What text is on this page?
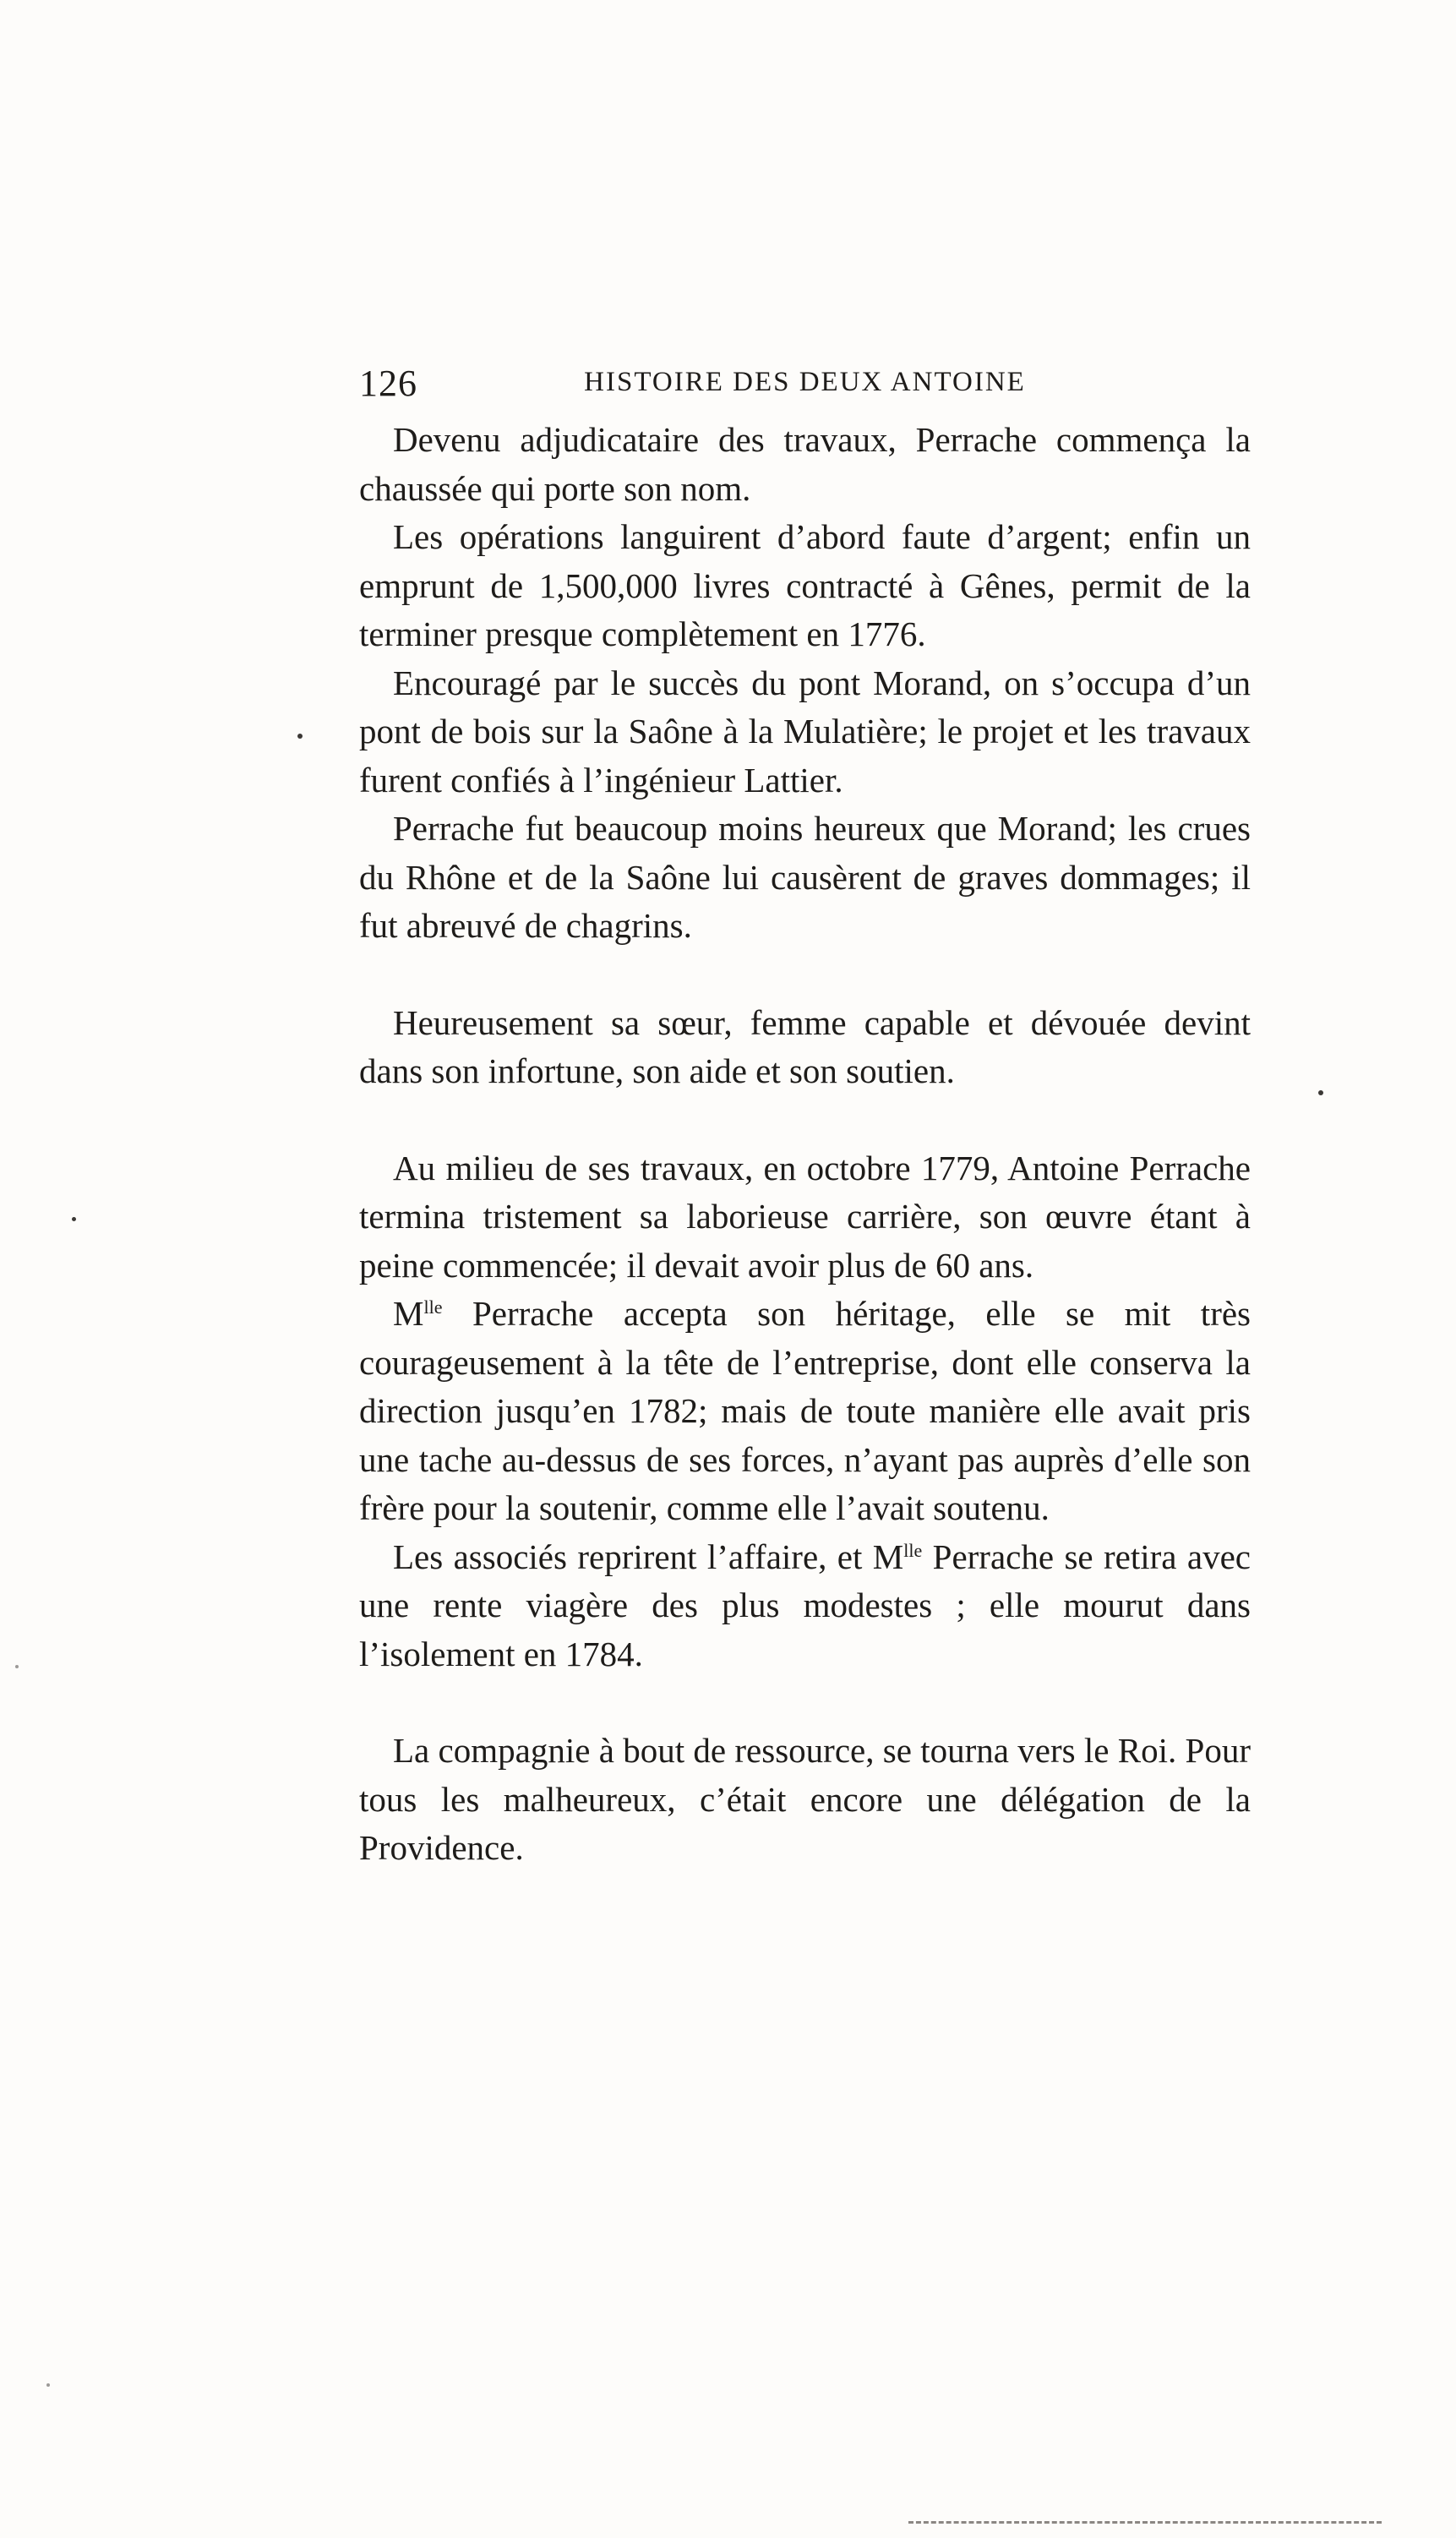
126	HISTOIRE DES DEUX ANTOINE

Devenu adjudicataire des travaux, Perrache commença la chaussée qui porte son nom.

Les opérations languirent d’abord faute d’argent; enfin un emprunt de 1,500,000 livres contracté à Gênes, permit de la terminer presque complètement en 1776.

Encouragé par le succès du pont Morand, on s’occupa d’un pont de bois sur la Saône à la Mulatière; le projet et les travaux furent confiés à l’ingénieur Lattier.

Perrache fut beaucoup moins heureux que Morand; les crues du Rhône et de la Saône lui causèrent de graves dommages; il fut abreuvé de chagrins.

Heureusement sa sœur, femme capable et dévouée devint dans son infortune, son aide et son soutien.

Au milieu de ses travaux, en octobre 1779, Antoine Perrache termina tristement sa laborieuse carrière, son œuvre étant à peine commencée; il devait avoir plus de 60 ans.

$M^{lle}$ Perrache accepta son héritage, elle se mit très courageusement à la tête de l’entreprise, dont elle conserva la direction jusqu’en 1782; mais de toute manière elle avait pris une tache au-dessus de ses forces, n’ayant pas auprès d’elle son frère pour la soutenir, comme elle l’avait soutenu.

Les associés reprirent l’affaire, et $M^{lle}$ Perrache se retira avec une rente viagère des plus modestes ; elle mourut dans l’isolement en 1784.

La compagnie à bout de ressource, se tourna vers le Roi. Pour tous les malheureux, c’était encore une délégation de la Providence.
